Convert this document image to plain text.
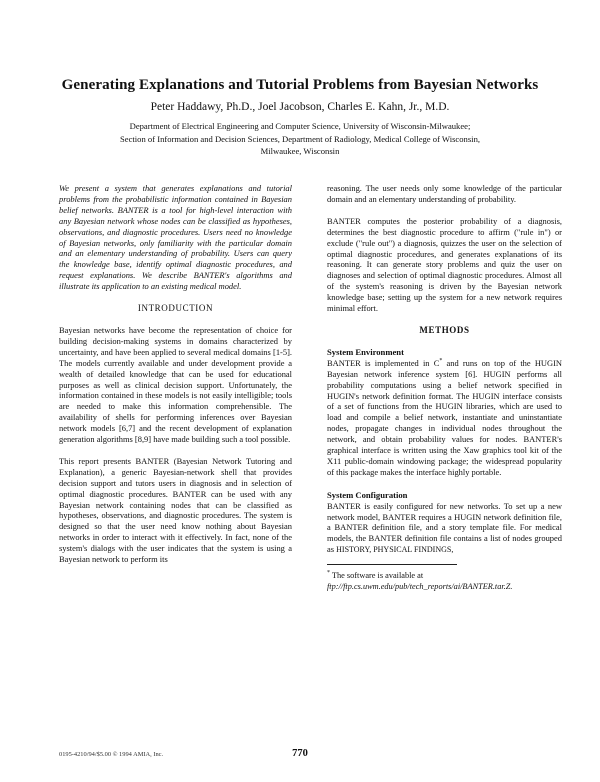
Generating Explanations and Tutorial Problems from Bayesian Networks
Peter Haddawy, Ph.D., Joel Jacobson, Charles E. Kahn, Jr., M.D.
Department of Electrical Engineering and Computer Science, University of Wisconsin-Milwaukee;
Section of Information and Decision Sciences, Department of Radiology, Medical College of Wisconsin,
Milwaukee, Wisconsin

We present a system that generates explanations and tutorial problems from the probabilistic information contained in Bayesian belief networks. BANTER is a tool for high-level interaction with any Bayesian network whose nodes can be classified as hypotheses, observations, and diagnostic procedures. Users need no knowledge of Bayesian networks, only familiarity with the particular domain and an elementary understanding of probability. Users can query the knowledge base, identify optimal diagnostic procedures, and request explanations. We describe BANTER's algorithms and illustrate its application to an existing medical model.

INTRODUCTION

Bayesian networks have become the representation of choice for building decision-making systems in domains characterized by uncertainty, and have been applied to several medical domains [1-5]. The models currently available and under development provide a wealth of detailed knowledge that can be used for educational purposes as well as clinical decision support. Unfortunately, the information contained in these models is not easily intelligible; tools are needed to make this information comprehensible. The availability of shells for performing inferences over Bayesian network models [6,7] and the recent development of explanation generation algorithms [8,9] have made building such a tool possible.

This report presents BANTER (Bayesian Network Tutoring and Explanation), a generic Bayesian-network shell that provides decision support and tutors users in diagnosis and in selection of optimal diagnostic procedures. BANTER can be used with any Bayesian network containing nodes that can be classified as hypotheses, observations, and diagnostic procedures. The system is designed so that the user need know nothing about Bayesian networks in order to interact with it effectively. In fact, none of the system's dialogs with the user indicates that the system is using a Bayesian network to perform its

reasoning. The user needs only some knowledge of the particular domain and an elementary understanding of probability.

BANTER computes the posterior probability of a diagnosis, determines the best diagnostic procedure to affirm ("rule in") or exclude ("rule out") a diagnosis, quizzes the user on the selection of optimal diagnostic procedures, and generates explanations of its reasoning. It can generate story problems and quiz the user on diagnoses and selection of optimal diagnostic procedures. Almost all of the system's reasoning is driven by the Bayesian network knowledge base; setting up the system for a new network requires minimal effort.

METHODS
System Environment

BANTER is implemented in C* and runs on top of the HUGIN Bayesian network inference system [6]. HUGIN performs all probability computations using a belief network specified in HUGIN's network definition format. The HUGIN interface consists of a set of functions from the HUGIN libraries, which are used to load and compile a belief network, instantiate and uninstantiate nodes, propagate changes in individual nodes throughout the network, and obtain probability values for nodes. BANTER's graphical interface is written using the Xaw graphics tool kit of the X11 public-domain windowing package; the widespread popularity of this package makes the interface highly portable.

System Configuration

BANTER is easily configured for new networks. To set up a new network model, BANTER requires a HUGIN network definition file, a BANTER definition file, and a story template file. For medical models, the BANTER definition file contains a list of nodes grouped as HISTORY, PHYSICAL FINDINGS,

* The software is available at ftp://ftp.cs.uwm.edu/pub/tech_reports/ai/BANTER.tar.Z.
0195-4210/94/$5.00 © 1994 AMIA, Inc.	770
